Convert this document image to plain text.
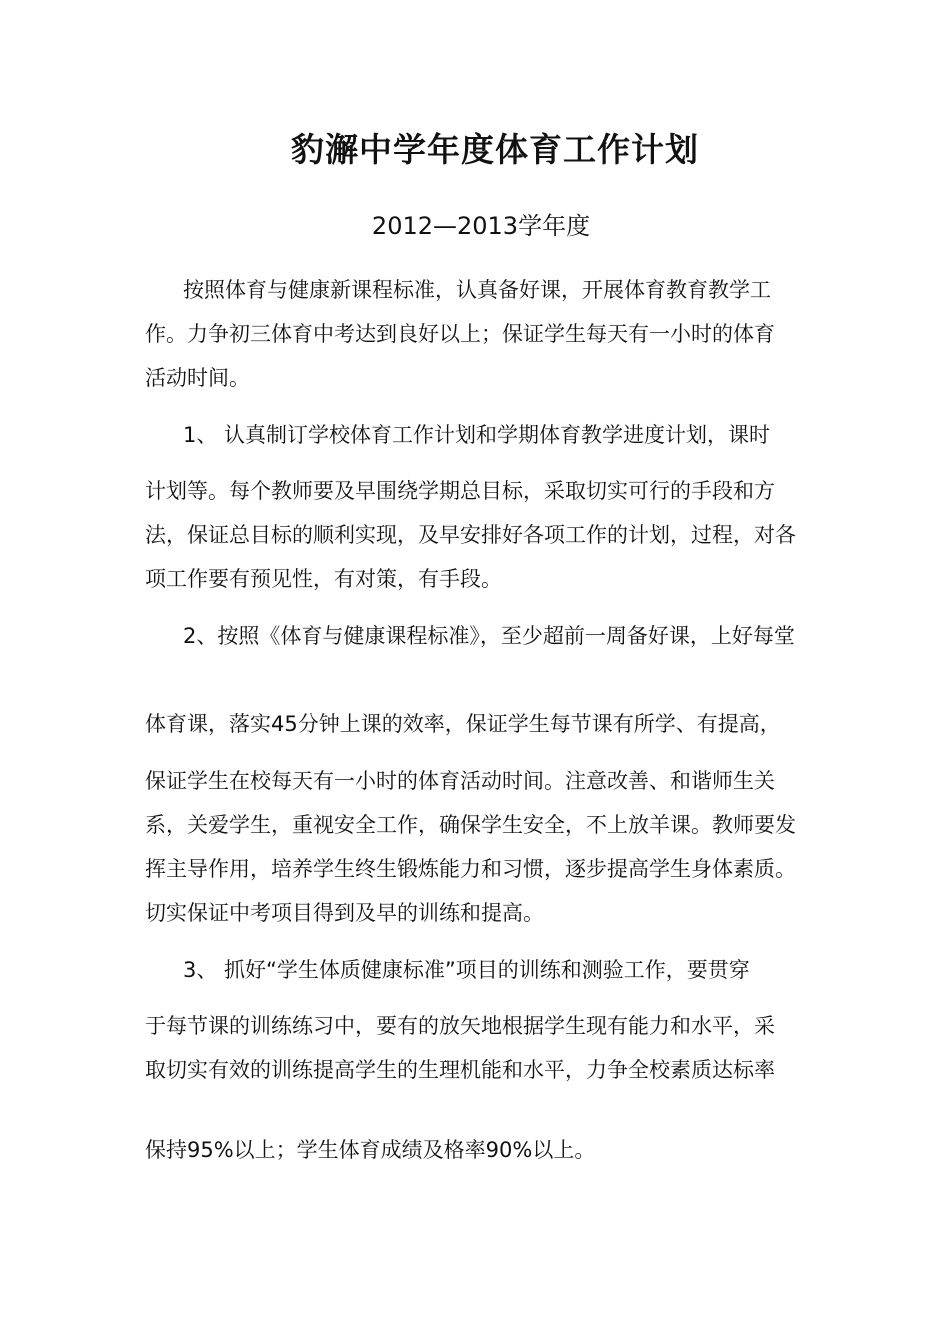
豹澥中学年度体育工作计划
2012—2013学年度
按照体育与健康新课程标准，认真备好课，开展体育教育教学工
作。力争初三体育中考达到良好以上；保证学生每天有一小时的体育
活动时间。
1、 认真制订学校体育工作计划和学期体育教学进度计划，课时
计划等。每个教师要及早围绕学期总目标，采取切实可行的手段和方
法，保证总目标的顺利实现，及早安排好各项工作的计划，过程，对各
项工作要有预见性，有对策，有手段。
2、按照《体育与健康课程标准》，至少超前一周备好课，上好每堂
体育课，落实45分钟上课的效率，保证学生每节课有所学、有提高，
保证学生在校每天有一小时的体育活动时间。注意改善、和谐师生关
系，关爱学生，重视安全工作，确保学生安全，不上放羊课。教师要发
挥主导作用，培养学生终生锻炼能力和习惯，逐步提高学生身体素质。
切实保证中考项目得到及早的训练和提高。
3、 抓好“学生体质健康标准”项目的训练和测验工作，要贯穿
于每节课的训练练习中，要有的放矢地根据学生现有能力和水平，采
取切实有效的训练提高学生的生理机能和水平，力争全校素质达标率
保持95%以上；学生体育成绩及格率90%以上。
